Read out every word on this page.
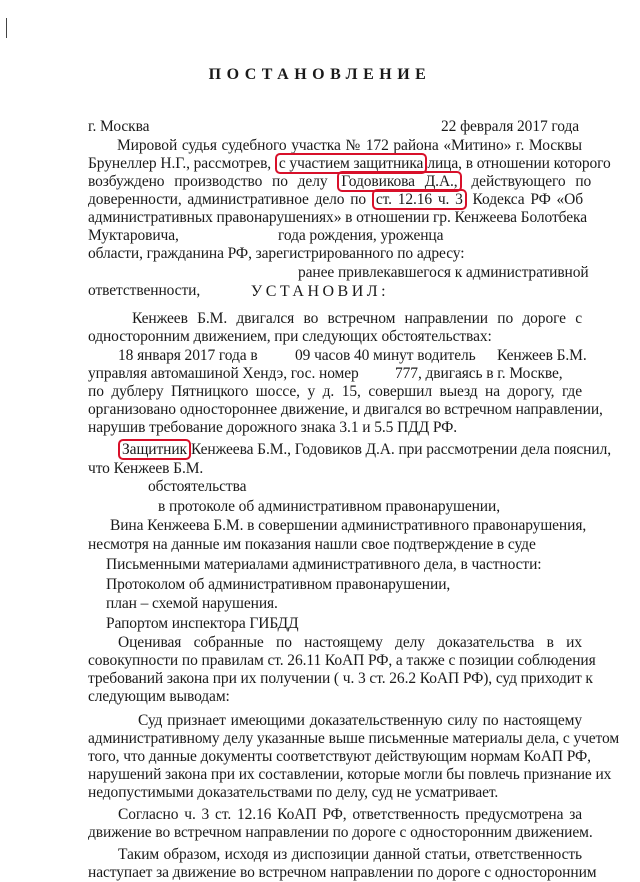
ПОСТАНОВЛЕНИЕ
г. Москва	22 февраля 2017 года
Мировой судья судебного участка № 172 района «Митино» г. Москвы
Брунеллер Н.Г., рассмотрев, с участием защитника лица, в отношении которого
возбуждено производство по делу Годовикова Д.А., действующего по
доверенности, административное дело по ст. 12.16 ч. 3 Кодекса РФ «Об
административных правонарушениях» в отношении гр. Кенжеева Болотбека
Муктаровича,	года рождения, уроженца
области, гражданина РФ, зарегистрированного по адресу:
ранее привлекавшегося к административной
ответственности,	УСТАНОВИЛ:
Кенжеев Б.М. двигался во встречном направлении по дороге с
односторонним движением, при следующих обстоятельствах:
18 января 2017 года в 09 часов 40 минут водитель Кенжеев Б.М.
управляя автомашиной Хендэ, гос. номер 777, двигаясь в г. Москве,
по дублеру Пятницкого шоссе, у д. 15, совершил выезд на дорогу, где
организовано одностороннее движение, и двигался во встречном направлении,
нарушив требование дорожного знака 3.1 и 5.5 ПДД РФ.
Защитник Кенжеева Б.М., Годовиков Д.А. при рассмотрении дела пояснил,
что Кенжеев Б.М.
обстоятельства
в протоколе об административном правонарушении,
Вина Кенжеева Б.М. в совершении административного правонарушения,
несмотря на данные им показания нашли свое подтверждение в суде
Письменными материалами административного дела, в частности:
Протоколом об административном правонарушении,
план – схемой нарушения.
Рапортом инспектора ГИБДД
Оценивая собранные по настоящему делу доказательства в их
совокупности по правилам ст. 26.11 КоАП РФ, а также с позиции соблюдения
требований закона при их получении ( ч. 3 ст. 26.2 КоАП РФ), суд приходит к
следующим выводам:
Суд признает имеющими доказательственную силу по настоящему
административному делу указанные выше письменные материалы дела, с учетом
того, что данные документы соответствуют действующим нормам КоАП РФ,
нарушений закона при их составлении, которые могли бы повлечь признание их
недопустимыми доказательствами по делу, суд не усматривает.
Согласно ч. 3 ст. 12.16 КоАП РФ, ответственность предусмотрена за
движение во встречном направлении по дороге с односторонним движением.
Таким образом, исходя из диспозиции данной статьи, ответственность
наступает за движение во встречном направлении по дороге с односторонним
